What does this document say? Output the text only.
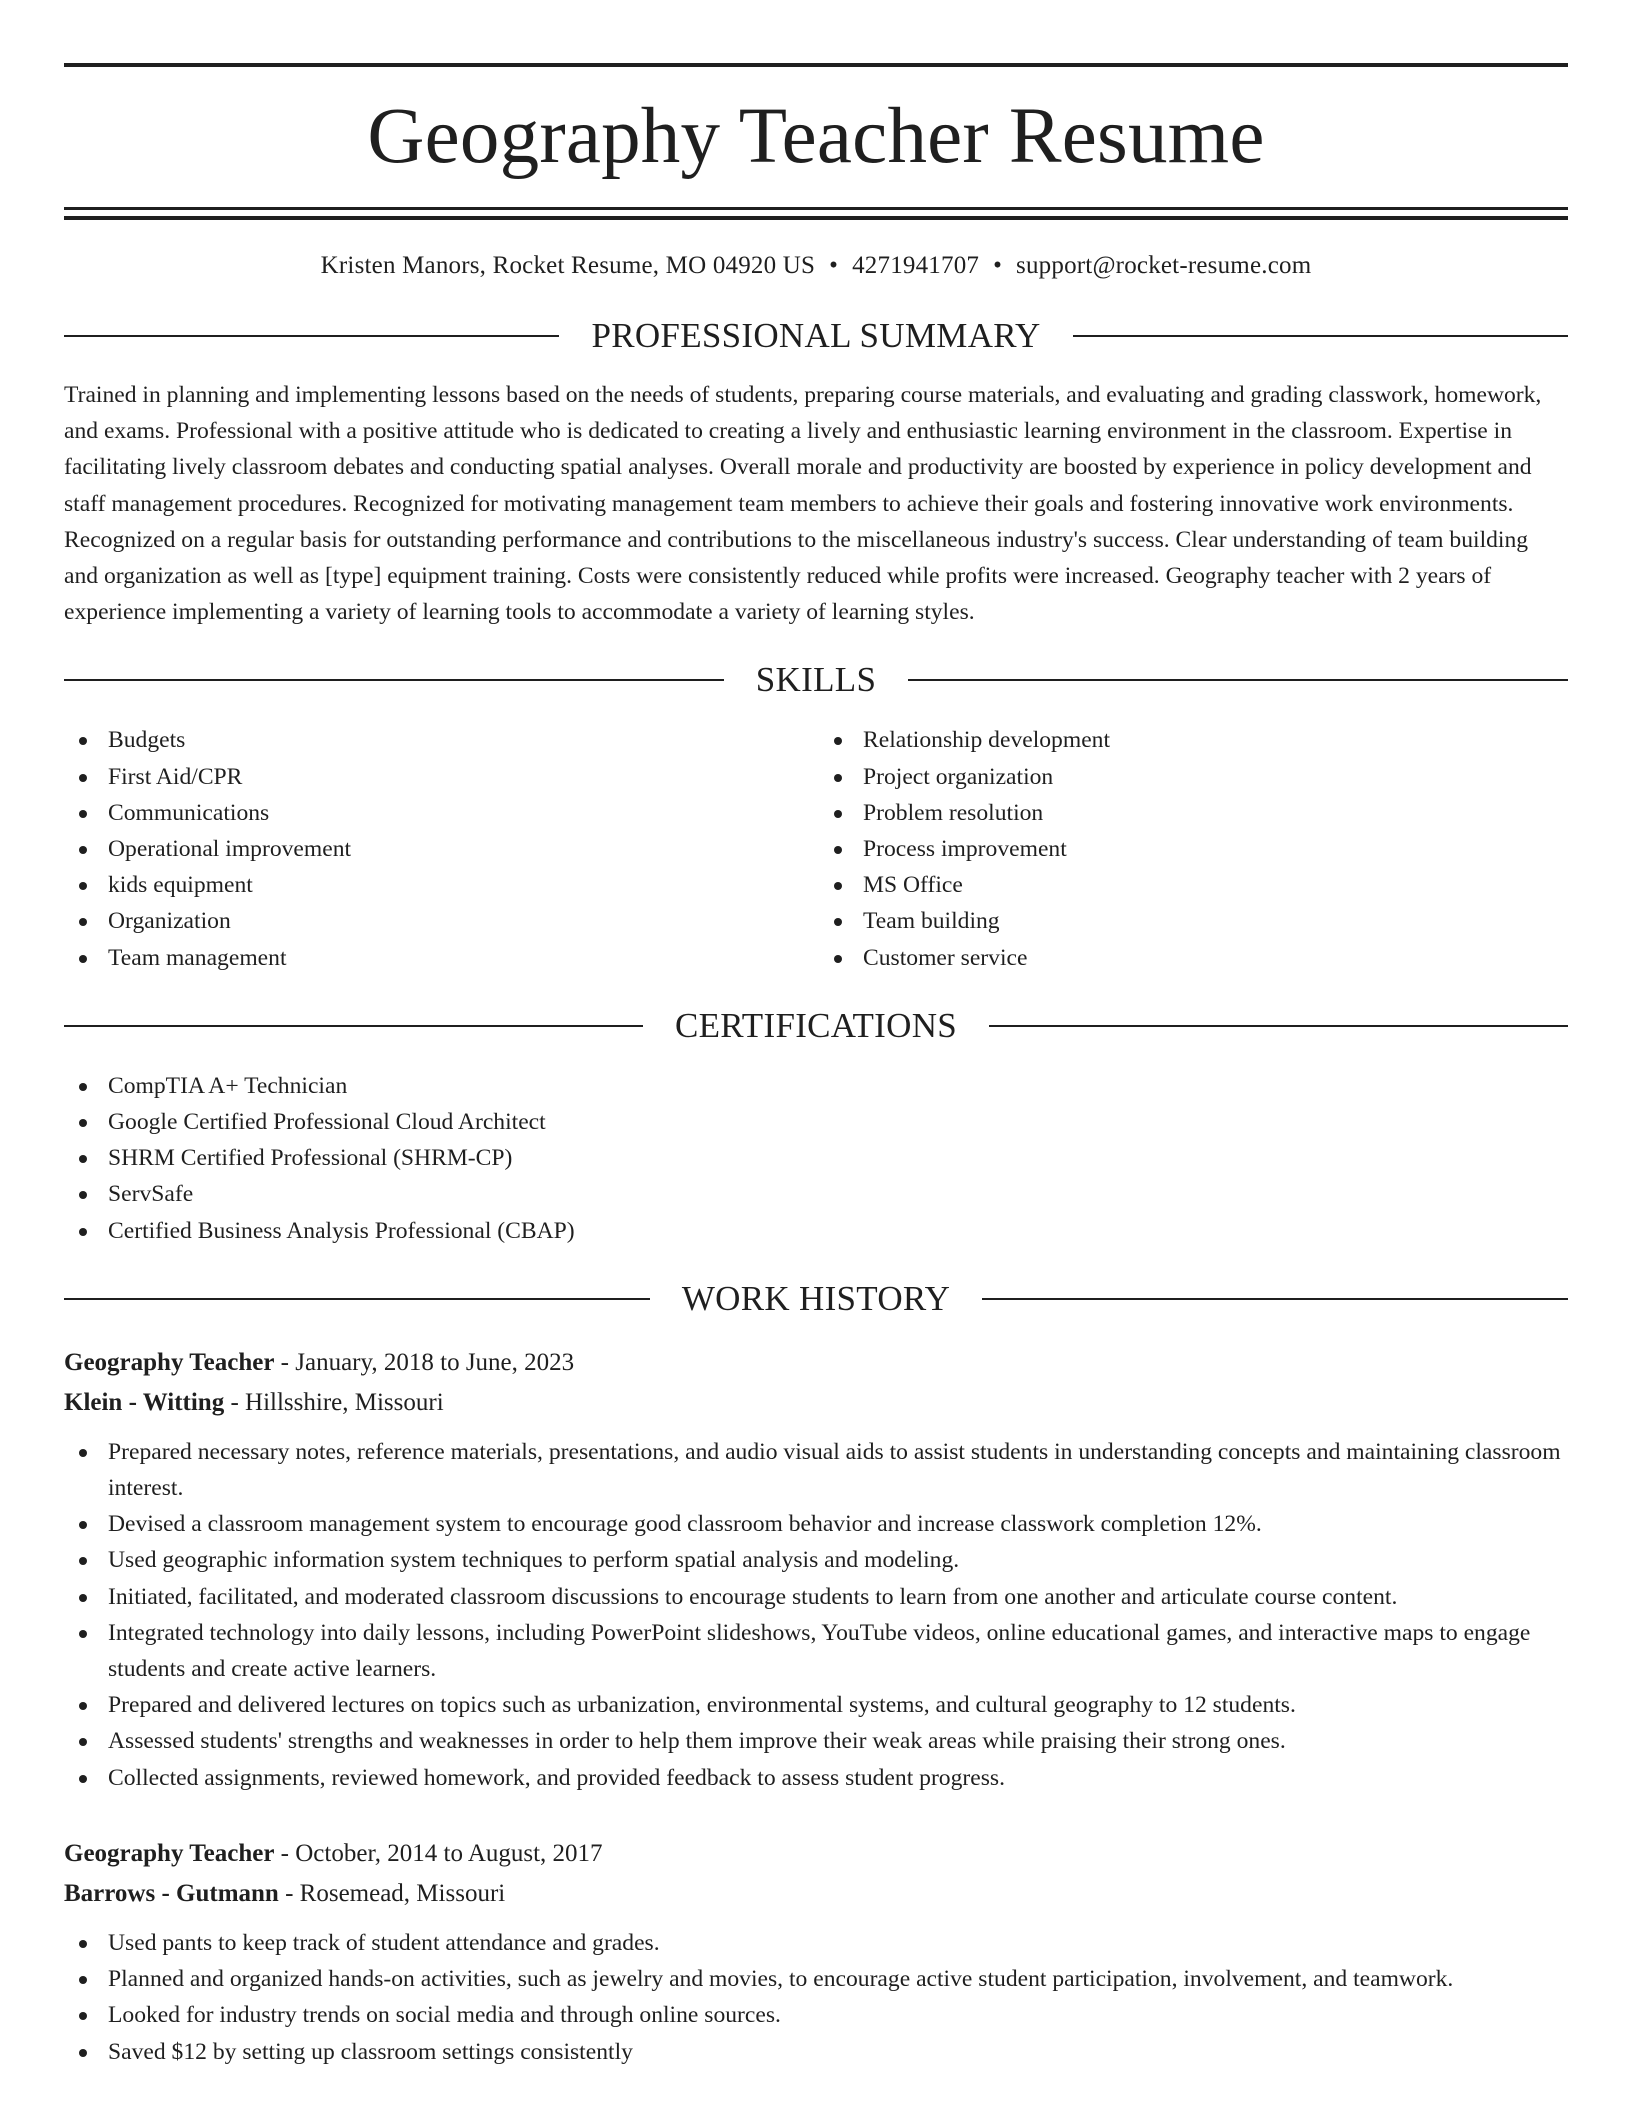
Geography Teacher Resume
Kristen Manors, Rocket Resume, MO 04920 US • 4271941707 • support@rocket-resume.com
PROFESSIONAL SUMMARY

Trained in planning and implementing lessons based on the needs of students, preparing course materials, and evaluating and grading classwork, homework, and exams. Professional with a positive attitude who is dedicated to creating a lively and enthusiastic learning environment in the classroom. Expertise in facilitating lively classroom debates and conducting spatial analyses. Overall morale and productivity are boosted by experience in policy development and staff management procedures. Recognized for motivating management team members to achieve their goals and fostering innovative work environments. Recognized on a regular basis for outstanding performance and contributions to the miscellaneous industry's success. Clear understanding of team building and organization as well as [type] equipment training. Costs were consistently reduced while profits were increased. Geography teacher with 2 years of experience implementing a variety of learning tools to accommodate a variety of learning styles.

SKILLS
Budgets
First Aid/CPR
Communications
Operational improvement
kids equipment
Organization
Team management
Relationship development
Project organization
Problem resolution
Process improvement
MS Office
Team building
Customer service
CERTIFICATIONS
CompTIA A+ Technician
Google Certified Professional Cloud Architect
SHRM Certified Professional (SHRM-CP)
ServSafe
Certified Business Analysis Professional (CBAP)
WORK HISTORY
Geography Teacher - January, 2018 to June, 2023
Klein - Witting - Hillsshire, Missouri
Prepared necessary notes, reference materials, presentations, and audio visual aids to assist students in understanding concepts and maintaining classroom interest.
Devised a classroom management system to encourage good classroom behavior and increase classwork completion 12%.
Used geographic information system techniques to perform spatial analysis and modeling.
Initiated, facilitated, and moderated classroom discussions to encourage students to learn from one another and articulate course content.
Integrated technology into daily lessons, including PowerPoint slideshows, YouTube videos, online educational games, and interactive maps to engage students and create active learners.
Prepared and delivered lectures on topics such as urbanization, environmental systems, and cultural geography to 12 students.
Assessed students' strengths and weaknesses in order to help them improve their weak areas while praising their strong ones.
Collected assignments, reviewed homework, and provided feedback to assess student progress.
Geography Teacher - October, 2014 to August, 2017
Barrows - Gutmann - Rosemead, Missouri
Used pants to keep track of student attendance and grades.
Planned and organized hands-on activities, such as jewelry and movies, to encourage active student participation, involvement, and teamwork.
Looked for industry trends on social media and through online sources.
Saved $12 by setting up classroom settings consistently
